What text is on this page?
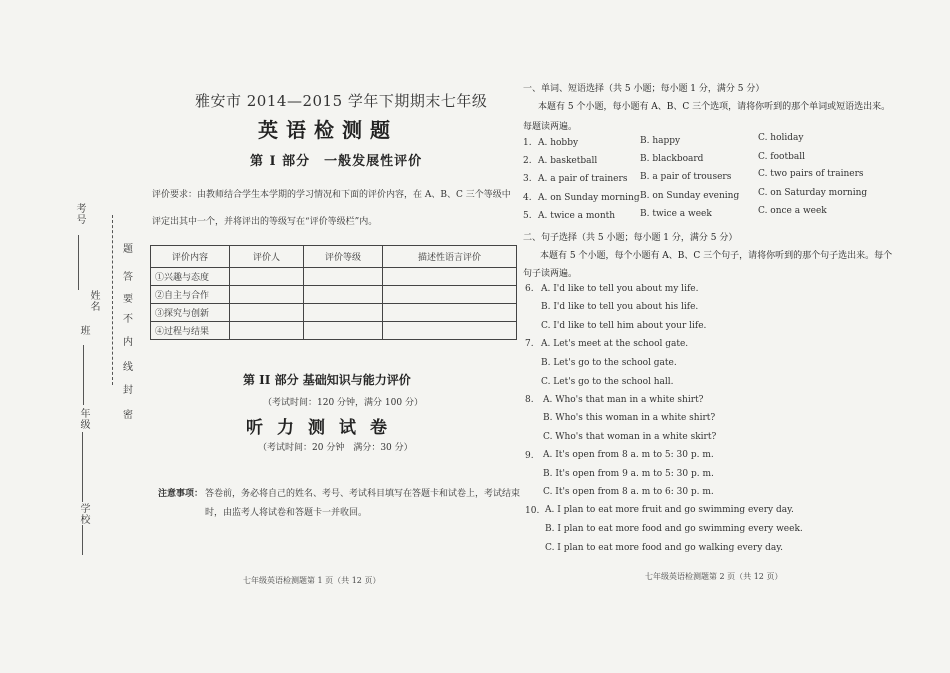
考号
姓名
班
年级
学校
题
答
要
不
内
线
封
密
雅安市 2014—2015 学年下期期末七年级
英语检测题
第 I 部分　一般发展性评价
评价要求：由教师结合学生本学期的学习情况和下面的评价内容，在 A、B、C 三个等级中
评定出其中一个，并将评出的等级写在“评价等级栏”内。
评价内容	评价人	评价等级	描述性语言评价
①兴趣与态度			
②自主与合作			
③探究与创新			
④过程与结果			
第 II 部分 基础知识与能力评价
（考试时间：120 分钟，满分 100 分）
听力测试卷
（考试时间：20 分钟　满分：30 分）
注意事项： 答卷前，务必将自己的姓名、考号、考试科目填写在答题卡和试卷上，考试结束
时，由监考人将试卷和答题卡一并收回。
七年级英语检测题第 1 页（共 12 页）
一、单词、短语选择（共 5 小题；每小题 1 分，满分 5 分）
本题有 5 个小题，每小题有 A、B、C 三个选项，请将你听到的那个单词或短语选出来。
每题读两遍。
1. A. hobby	B. happy	C. holiday
2. A. basketball	B. blackboard	C. football
3. A. a pair of trainers B. a pair of trousers	C. two pairs of trainers
4. A. on Sunday morning B. on Sunday evening C. on Saturday morning
5. A. twice a month	B. twice a week	C. once a week
二、句子选择（共 5 小题；每小题 1 分，满分 5 分）
本题有 5 个小题，每个小题有 A、B、C 三个句子，请将你听到的那个句子选出来。每个
句子读两遍。
6. A. I'd like to tell you about my life.
B. I'd like to tell you about his life.
C. I'd like to tell him about your life.
7. A. Let's meet at the school gate.
B. Let's go to the school gate.
C. Let's go to the school hall.
8. A. Who's that man in a white shirt?
B. Who's this woman in a white shirt?
C. Who's that woman in a white skirt?
9. A. It's open from 8 a. m to 5: 30 p. m.
B. It's open from 9 a. m to 5: 30 p. m.
C. It's open from 8 a. m to 6: 30 p. m.
10. A. I plan to eat more fruit and go swimming every day.
B. I plan to eat more food and go swimming every week.
C. I plan to eat more food and go walking every day.
七年级英语检测题第 2 页（共 12 页）
